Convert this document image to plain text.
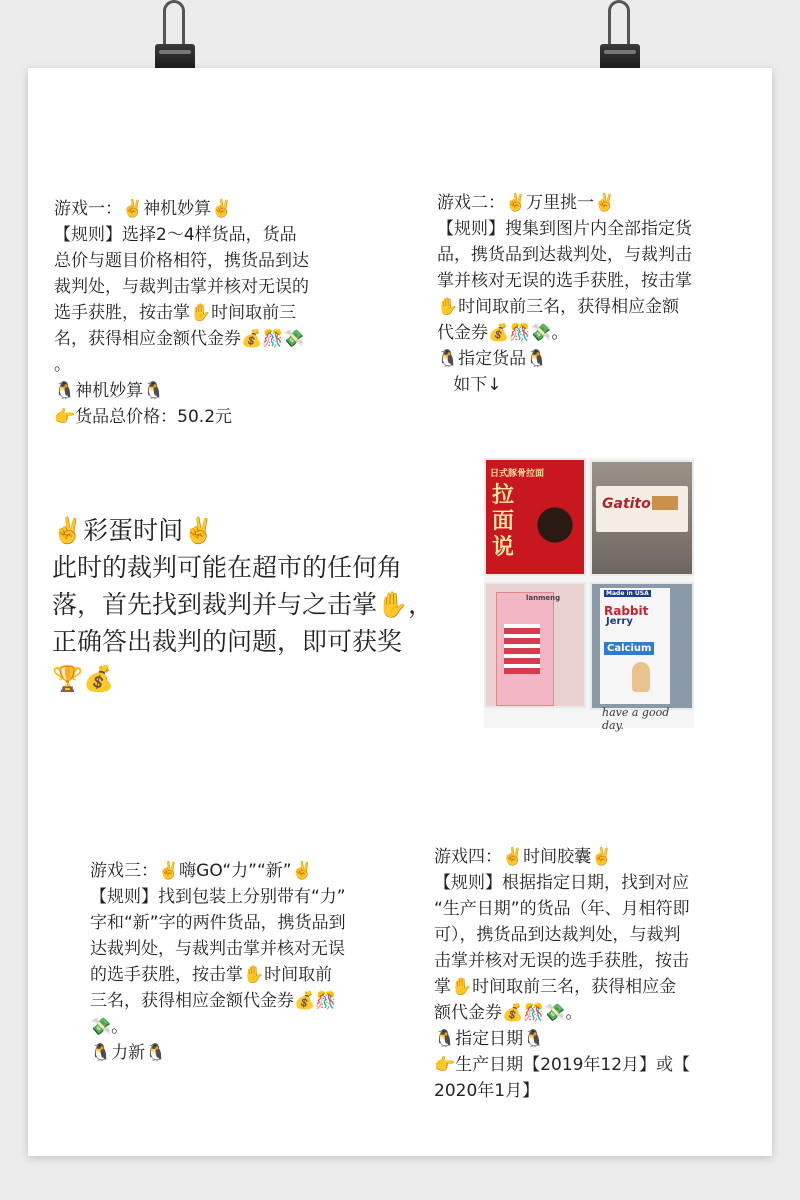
游戏一：✌️神机妙算✌️

【规则】选择2～4样货品，货品

总价与题目价格相符，携货品到达

裁判处，与裁判击掌并核对无误的

选手获胜，按击掌✋时间取前三

名，获得相应金额代金券💰🎊💸

。

🐧神机妙算🐧

👉货品总价格：50.2元

游戏二：✌️万里挑一✌️

【规则】搜集到图片内全部指定货

品，携货品到达裁判处，与裁判击

掌并核对无误的选手获胜，按击掌

✋时间取前三名，获得相应金额

代金券💰🎊💸。

🐧指定货品🐧

如下↓

✌️彩蛋时间✌️

此时的裁判可能在超市的任何角

落，首先找到裁判并与之击掌✋，

正确答出裁判的问题，即可获奖

🏆💰

日式豚骨拉面
拉面说
Gatito
lanmeng
Made in USA
Rabbit
Jerry
Calcium
have a good day.

游戏三：✌️嗨GO“力”“新”✌️

【规则】找到包装上分别带有“力”

字和“新”字的两件货品，携货品到

达裁判处，与裁判击掌并核对无误

的选手获胜，按击掌✋时间取前

三名，获得相应金额代金券💰🎊

💸。

🐧力新🐧

游戏四：✌️时间胶囊✌️

【规则】根据指定日期，找到对应

“生产日期”的货品（年、月相符即

可），携货品到达裁判处，与裁判

击掌并核对无误的选手获胜，按击

掌✋时间取前三名，获得相应金

额代金券💰🎊💸。

🐧指定日期🐧

👉生产日期【2019年12月】或【

2020年1月】
